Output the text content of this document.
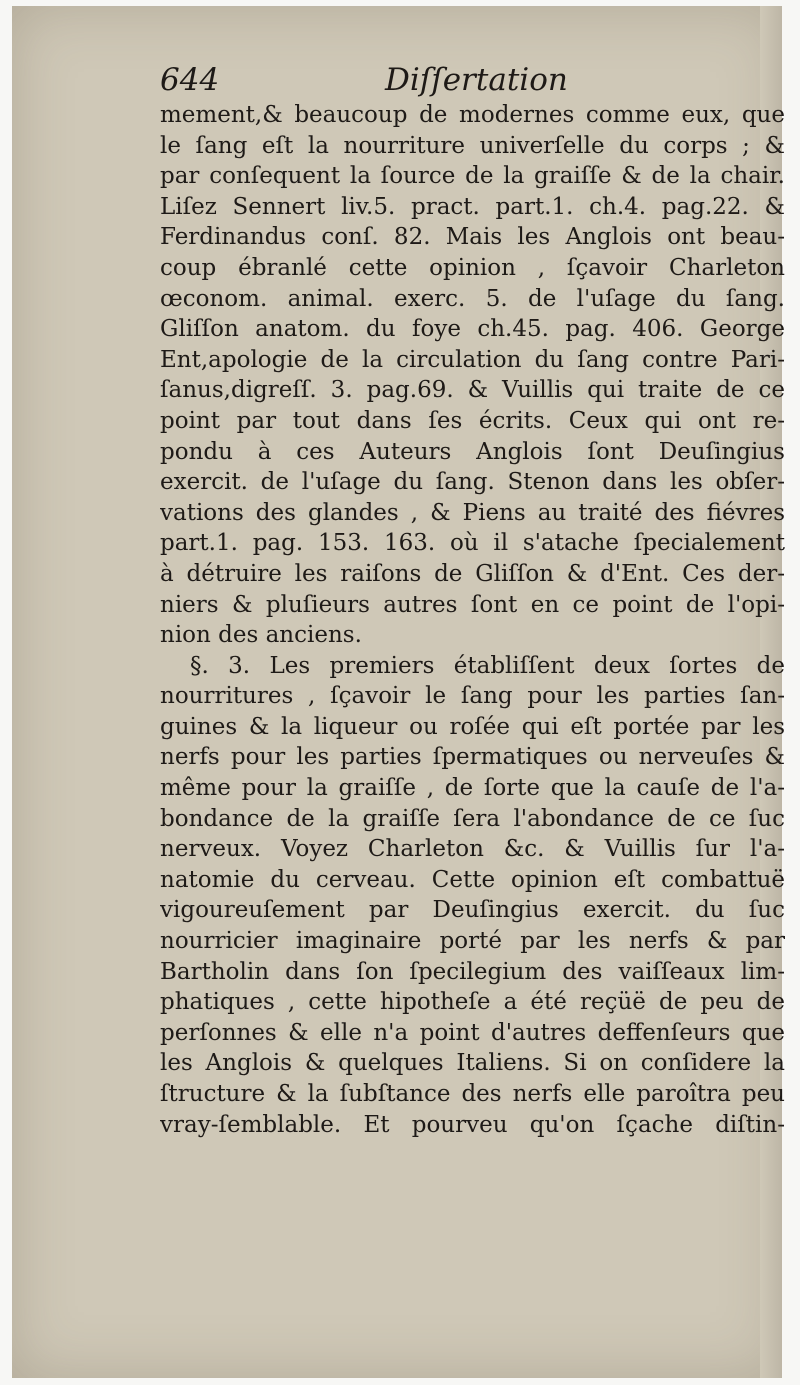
644	Diſſertation
mement,& beaucoup de modernes comme eux, que
le ſang eſt la nourriture univerſelle du corps ; &
par conſequent la ſource de la graiſſe & de la chair.
Liſez Sennert liv.5. pract. part.1. ch.4. pag.22. &
Ferdinandus conſ. 82. Mais les Anglois ont beau-
coup ébranlé cette opinion , ſçavoir Charleton
œconom. animal. exerc. 5. de l'uſage du ſang.
Gliſſon anatom. du foye ch.45. pag. 406. George
Ent,apologie de la circulation du ſang contre Pari-
ſanus,digreſſ. 3. pag.69. & Vuillis qui traite de ce
point par tout dans ſes écrits. Ceux qui ont re-
pondu à ces Auteurs Anglois ſont Deuſingius
exercit. de l'uſage du ſang. Stenon dans les obſer-
vations des glandes , & Piens au traité des fiévres
part.1. pag. 153. 163. où il s'atache ſpecialement
à détruire les raiſons de Gliſſon & d'Ent. Ces der-
niers & pluſieurs autres ſont en ce point de l'opi-
nion des anciens.
§. 3. Les premiers établiſſent deux ſortes de
nourritures , ſçavoir le ſang pour les parties ſan-
guines & la liqueur ou roſée qui eſt portée par les
nerfs pour les parties ſpermatiques ou nerveuſes &
même pour la graiſſe , de ſorte que la cauſe de l'a-
bondance de la graiſſe ſera l'abondance de ce ſuc
nerveux. Voyez Charleton &c. & Vuillis ſur l'a-
natomie du cerveau. Cette opinion eſt combattuë
vigoureuſement par Deuſingius exercit. du ſuc
nourricier imaginaire porté par les nerfs & par
Bartholin dans ſon ſpecilegium des vaiſſeaux lim-
phatiques , cette hipotheſe a été reçüë de peu de
perſonnes & elle n'a point d'autres deffenſeurs que
les Anglois & quelques Italiens. Si on conſidere la
ſtructure & la ſubſtance des nerfs elle paroîtra peu
vray-ſemblable. Et pourveu qu'on ſçache diſtin-
